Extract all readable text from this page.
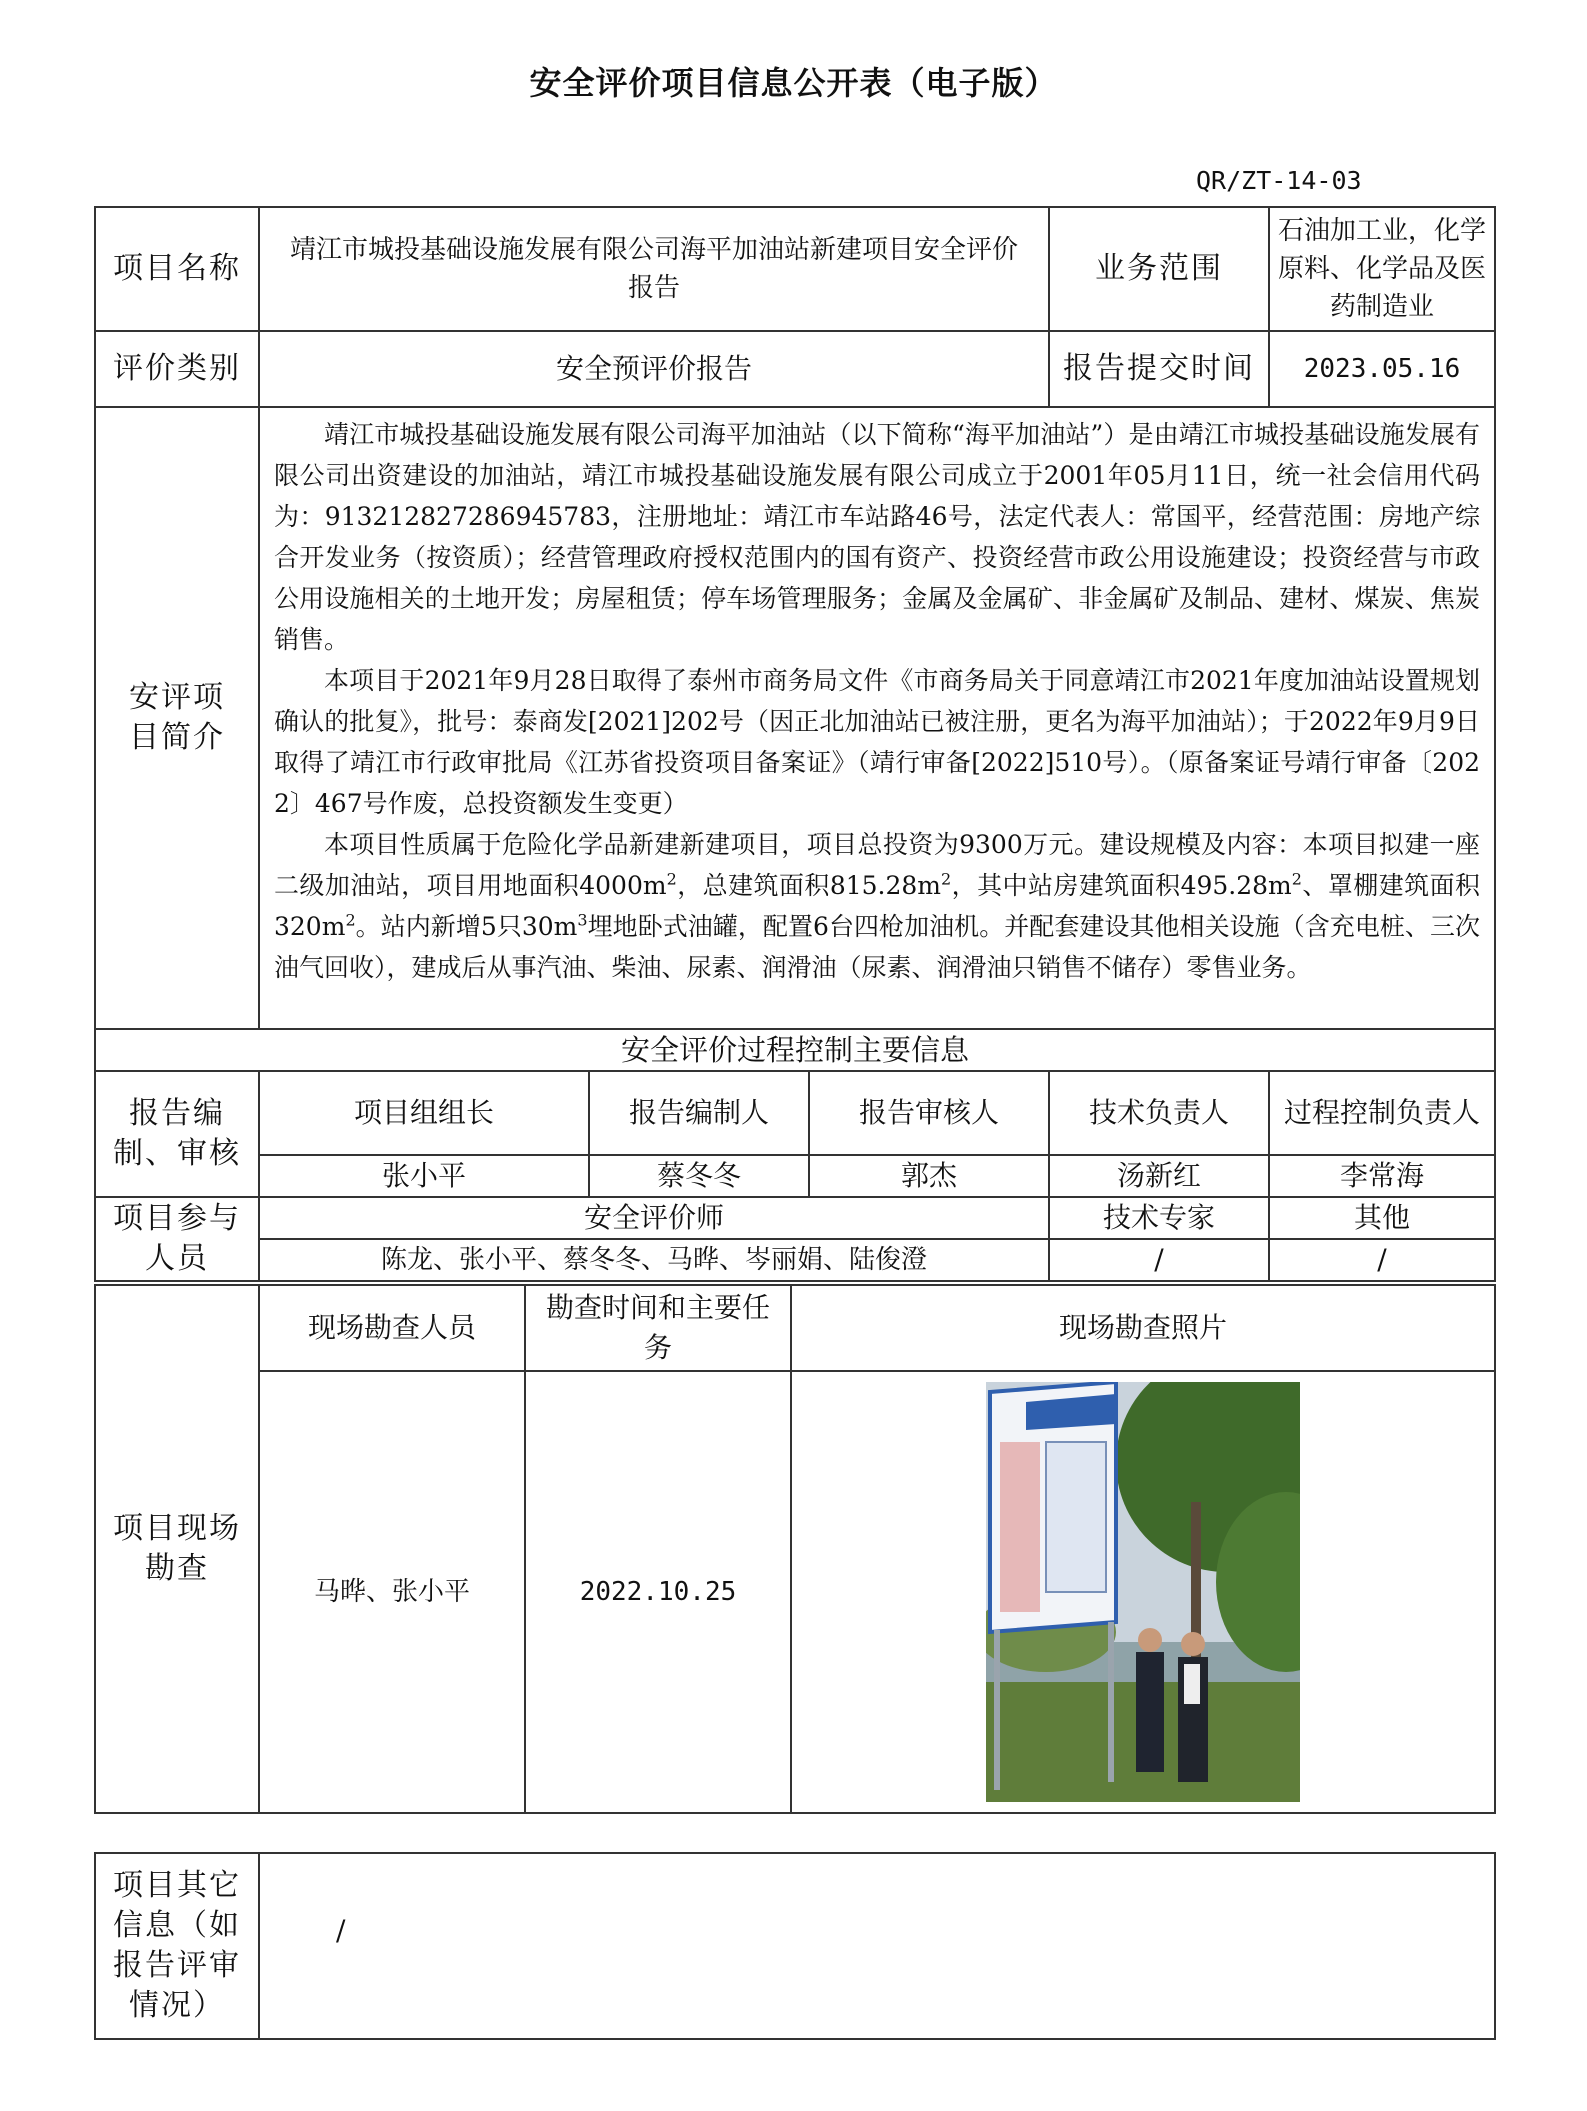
安全评价项目信息公开表（电子版）
QR/ZT-14-03
项目名称	靖江市城投基础设施发展有限公司海平加油站新建项目安全评价报告			业务范围	石油加工业，化学原料、化学品及医药制造业
评价类别	安全预评价报告			报告提交时间	2023.05.16
安评项目简介	靖江市城投基础设施发展有限公司海平加油站（以下简称“海平加油站”）是由靖江市城投基础设施发展有限公司出资建设的加油站，靖江市城投基础设施发展有限公司成立于2001年05月11日，统一社会信用代码为：913212827286945783，注册地址：靖江市车站路46号，法定代表人：常国平，经营范围：房地产综合开发业务（按资质）；经营管理政府授权范围内的国有资产、投资经营市政公用设施建设；投资经营与市政公用设施相关的土地开发；房屋租赁；停车场管理服务；金属及金属矿、非金属矿及制品、建材、煤炭、焦炭销售。

本项目于2021年9月28日取得了泰州市商务局文件《市商务局关于同意靖江市2021年度加油站设置规划确认的批复》，批号：泰商发[2021]202号（因正北加油站已被注册，更名为海平加油站）；于2022年9月9日取得了靖江市行政审批局《江苏省投资项目备案证》（靖行审备[2022]510号）。（原备案证号靖行审备〔2022〕467号作废，总投资额发生变更）

本项目性质属于危险化学品新建新建项目，项目总投资为9300万元。建设规模及内容：本项目拟建一座二级加油站，项目用地面积$4000m^2$，总建筑面积$815.28m^2$，其中站房建筑面积$495.28m^2$、罩棚建筑面积$320m^2$。站内新增5只$30m^3$埋地卧式油罐，配置6台四枪加油机。并配套建设其他相关设施（含充电桩、三次油气回收），建成后从事汽油、柴油、尿素、润滑油（尿素、润滑油只销售不储存）零售业务。				

安全评价过程控制主要信息					
报告编制、审核	项目组组长	报告编制人	报告审核人	技术负责人	过程控制负责人
	张小平	蔡冬冬	郭杰	汤新红	李常海
项目参与人员	安全评价师			技术专家	其他
	陈龙、张小平、蔡冬冬、马晔、岑丽娟、陆俊澄			/	/
项目现场勘查	现场勘查人员	勘查时间和主要任务	现场勘查照片
	马晔、张小平	2022.10.25	
项目其它信息（如报告评审情况）	/
